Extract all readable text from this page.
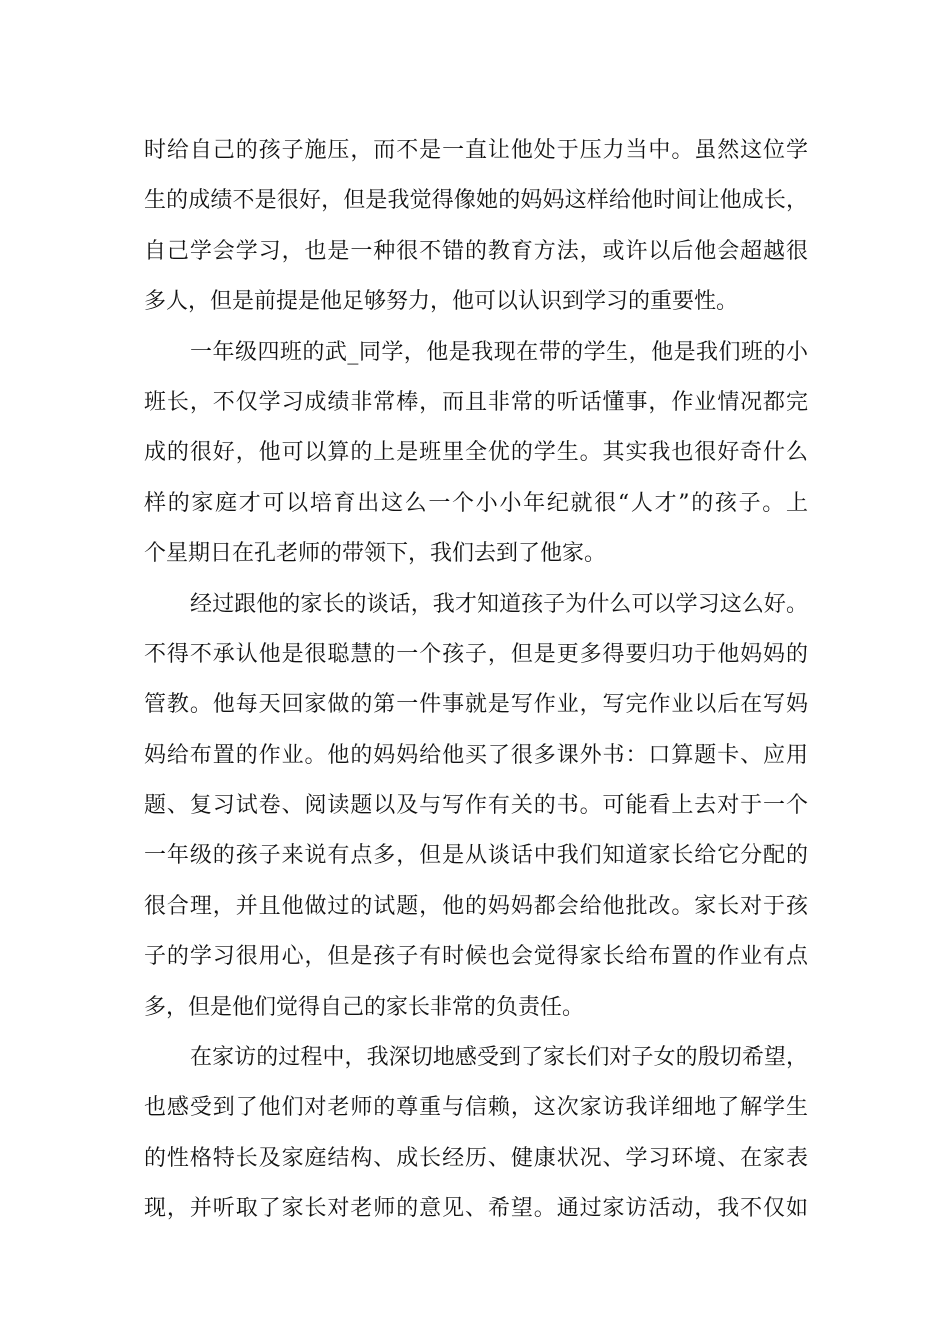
时给自己的孩子施压，而不是一直让他处于压力当中。虽然这位学
生的成绩不是很好，但是我觉得像她的妈妈这样给他时间让他成长，
自己学会学习，也是一种很不错的教育方法，或许以后他会超越很
多人，但是前提是他足够努力，他可以认识到学习的重要性。
一年级四班的武_同学，他是我现在带的学生，他是我们班的小
班长，不仅学习成绩非常棒，而且非常的听话懂事，作业情况都完
成的很好，他可以算的上是班里全优的学生。其实我也很好奇什么
样的家庭才可以培育出这么一个小小年纪就很“人才”的孩子。上
个星期日在孔老师的带领下，我们去到了他家。
经过跟他的家长的谈话，我才知道孩子为什么可以学习这么好。
不得不承认他是很聪慧的一个孩子，但是更多得要归功于他妈妈的
管教。他每天回家做的第一件事就是写作业，写完作业以后在写妈
妈给布置的作业。他的妈妈给他买了很多课外书：口算题卡、应用
题、复习试卷、阅读题以及与写作有关的书。可能看上去对于一个
一年级的孩子来说有点多，但是从谈话中我们知道家长给它分配的
很合理，并且他做过的试题，他的妈妈都会给他批改。家长对于孩
子的学习很用心，但是孩子有时候也会觉得家长给布置的作业有点
多，但是他们觉得自己的家长非常的负责任。
在家访的过程中，我深切地感受到了家长们对子女的殷切希望，
也感受到了他们对老师的尊重与信赖，这次家访我详细地了解学生
的性格特长及家庭结构、成长经历、健康状况、学习环境、在家表
现，并听取了家长对老师的意见、希望。通过家访活动，我不仅如
